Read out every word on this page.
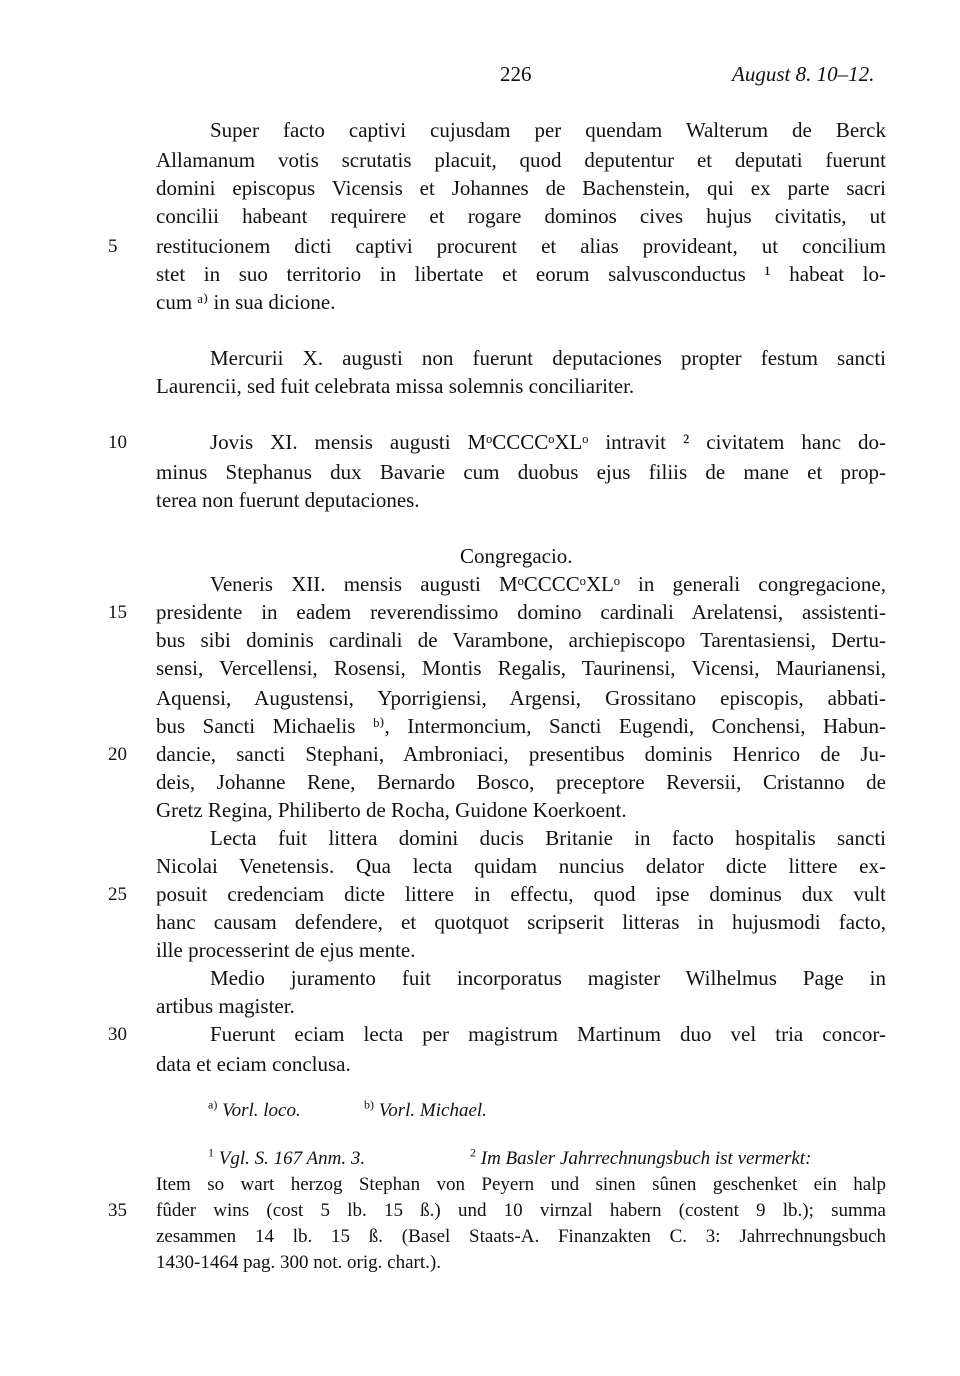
226	August 8. 10–12.
Super facto captivi cujusdam per quendam Walterum de Berck
Allamanum votis scrutatis placuit, quod deputentur et deputati fuerunt
domini episcopus Vicensis et Johannes de Bachenstein, qui ex parte sacri
concilii habeant requirere et rogare dominos cives hujus civitatis, ut
restitucionem dicti captivi procurent et alias provideant, ut concilium
stet in suo territorio in libertate et eorum salvusconductus ¹ habeat lo-
cum ᵃ⁾ in sua dicione.
Mercurii X. augusti non fuerunt deputaciones propter festum sancti
Laurencii, sed fuit celebrata missa solemnis conciliariter.
Jovis XI. mensis augusti MᵒCCCCᵒXLᵒ intravit ² civitatem hanc do-
minus Stephanus dux Bavarie cum duobus ejus filiis de mane et prop-
terea non fuerunt deputaciones.
Congregacio.
Veneris XII. mensis augusti MᵒCCCCᵒXLᵒ in generali congregacione,
presidente in eadem reverendissimo domino cardinali Arelatensi, assistenti-
bus sibi dominis cardinali de Varambone, archiepiscopo Tarentasiensi, Dertu-
sensi, Vercellensi, Rosensi, Montis Regalis, Taurinensi, Vicensi, Maurianensi,
Aquensi, Augustensi, Yporrigiensi, Argensi, Grossitano episcopis, abbati-
bus Sancti Michaelis ᵇ⁾, Intermoncium, Sancti Eugendi, Conchensi, Habun-
dancie, sancti Stephani, Ambroniaci, presentibus dominis Henrico de Ju-
deis, Johanne Rene, Bernardo Bosco, preceptore Reversii, Cristanno de
Gretz Regina, Philiberto de Rocha, Guidone Koerkoent.
Lecta fuit littera domini ducis Britanie in facto hospitalis sancti
Nicolai Venetensis. Qua lecta quidam nuncius delator dicte littere ex-
posuit credenciam dicte littere in effectu, quod ipse dominus dux vult
hanc causam defendere, et quotquot scripserit litteras in hujusmodi facto,
ille processerint de ejus mente.
Medio juramento fuit incorporatus magister Wilhelmus Page in
artibus magister.
Fuerunt eciam lecta per magistrum Martinum duo vel tria concor-
data et eciam conclusa.
5
10
15
20
25
30
35
$^{a)}$ Vorl. loco.	$^{b)}$ Vorl. Michael.
$^1$ Vgl. S. 167 Anm. 3.	$^2$ Im Basler Jahrrechnungsbuch ist vermerkt:
Item so wart herzog Stephan von Peyern und sinen sûnen geschenket ein halp
fûder wins (cost 5 lb. 15 ß.) und 10 virnzal habern (costent 9 lb.); summa
zesammen 14 lb. 15 ß. (Basel Staats-A. Finanzakten C. 3: Jahrrechnungsbuch
1430-1464 pag. 300 not. orig. chart.).
